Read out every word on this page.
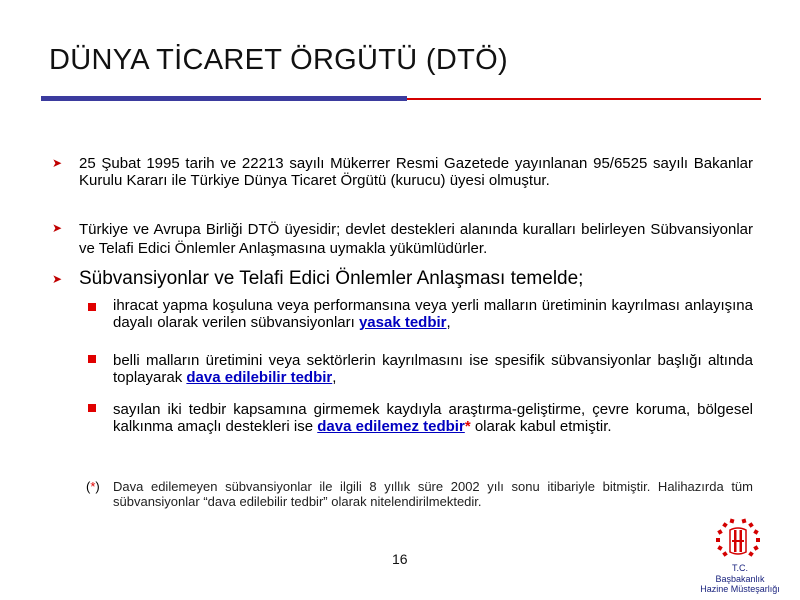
DÜNYA TİCARET ÖRGÜTÜ (DTÖ)
➤ 25 Şubat 1995 tarih ve 22213 sayılı Mükerrer Resmi Gazetede yayınlanan 95/6525 sayılı Bakanlar Kurulu Kararı ile Türkiye Dünya Ticaret Örgütü (kurucu) üyesi olmuştur.
➤ Türkiye ve Avrupa Birliği DTÖ üyesidir; devlet destekleri alanında kuralları belirleyen Sübvansiyonlar ve Telafi Edici Önlemler Anlaşmasına uymakla yükümlüdürler.
➤ Sübvansiyonlar ve Telafi Edici Önlemler Anlaşması temelde;
ihracat yapma koşuluna veya performansına veya yerli malların üretiminin kayrılması anlayışına dayalı olarak verilen sübvansiyonları yasak tedbir,
belli malların üretimini veya sektörlerin kayrılmasını ise spesifik sübvansiyonlar başlığı altında toplayarak dava edilebilir tedbir,
sayılan iki tedbir kapsamına girmemek kaydıyla araştırma-geliştirme, çevre koruma, bölgesel kalkınma amaçlı destekleri ise dava edilemez tedbir* olarak kabul etmiştir.
(*) Dava edilemeyen sübvansiyonlar ile ilgili 8 yıllık süre 2002 yılı sonu itibariyle bitmiştir. Halihazırda tüm sübvansiyonlar “dava edilebilir tedbir” olarak nitelendirilmektedir.
16
T.C.
Başbakanlık
Hazine Müsteşarlığı
